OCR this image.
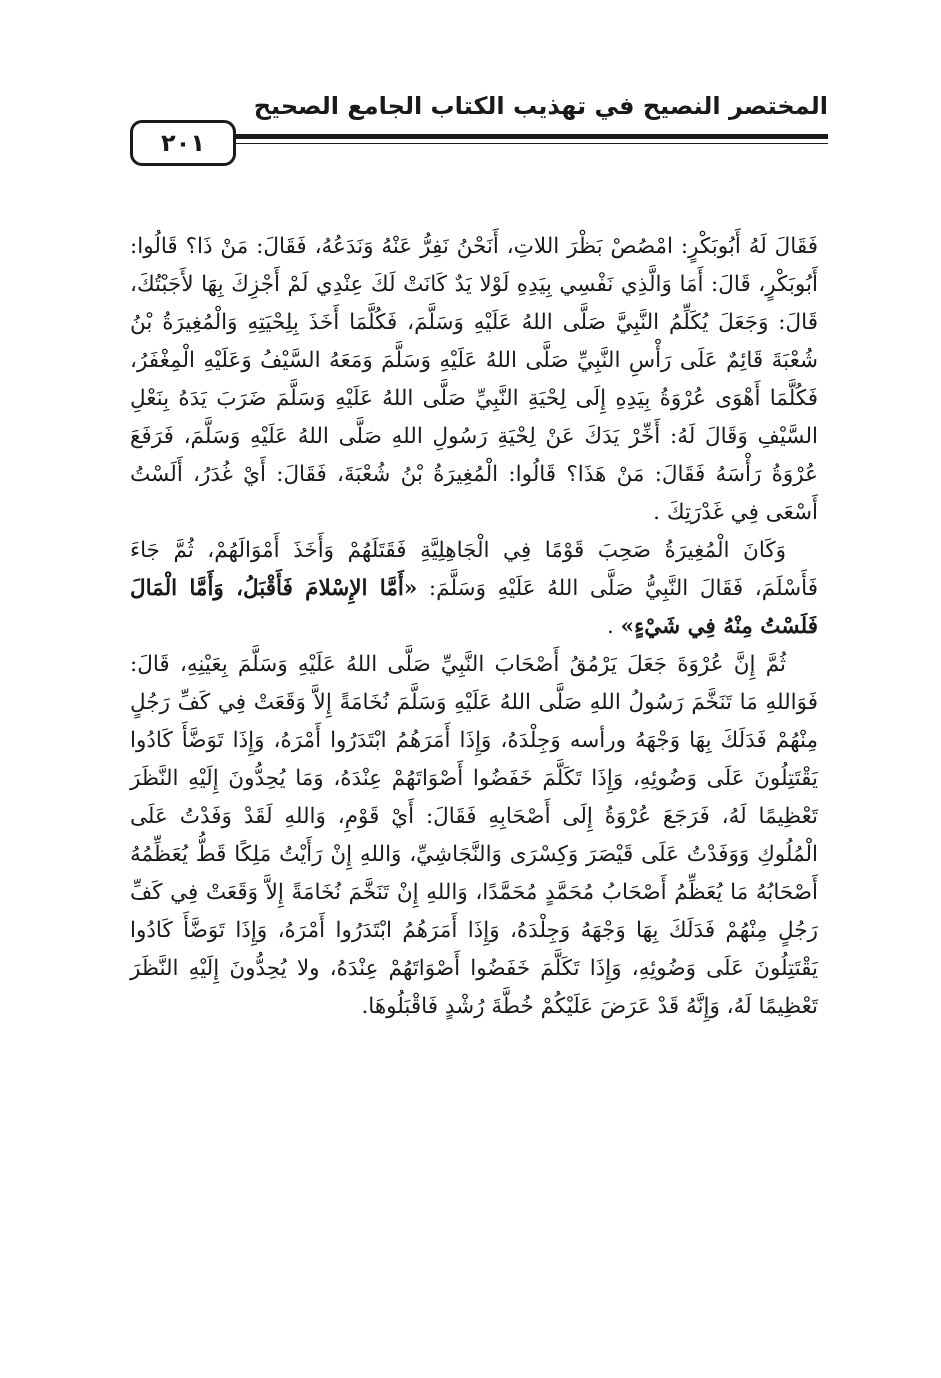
المختصر النصيح في تهذيب الكتاب الجامع الصحيح
٢٠١

فَقَالَ لَهُ أَبُوبَكْرٍ: امْصُصْ بَظْرَ اللاتِ، أَنَحْنُ نَفِرُّ عَنْهُ وَنَدَعُهُ، فَقَالَ: مَنْ ذَا؟ قَالُوا: أَبُوبَكْرٍ، قَالَ: أَمَا وَالَّذِي نَفْسِي بِيَدِهِ لَوْلا يَدٌ كَانَتْ لَكَ عِنْدِي لَمْ أَجْزِكَ بِهَا لأَجَبْتُكَ، قَالَ: وَجَعَلَ يُكَلِّمُ النَّبِيَّ صَلَّى اللهُ عَلَيْهِ وَسَلَّمَ، فَكُلَّمَا أَخَذَ بِلِحْيَتِهِ وَالْمُغِيرَةُ بْنُ شُعْبَةَ قَائِمٌ عَلَى رَأْسِ النَّبِيِّ صَلَّى اللهُ عَلَيْهِ وَسَلَّمَ وَمَعَهُ السَّيْفُ وَعَلَيْهِ الْمِغْفَرُ، فَكُلَّمَا أَهْوَى عُرْوَةُ بِيَدِهِ إِلَى لِحْيَةِ النَّبِيِّ صَلَّى اللهُ عَلَيْهِ وَسَلَّمَ ضَرَبَ يَدَهُ بِنَعْلِ السَّيْفِ وَقَالَ لَهُ: أَخِّرْ يَدَكَ عَنْ لِحْيَةِ رَسُولِ اللهِ صَلَّى اللهُ عَلَيْهِ وَسَلَّمَ، فَرَفَعَ عُرْوَةُ رَأْسَهُ فَقَالَ: مَنْ هَذَا؟ قَالُوا: الْمُغِيرَةُ بْنُ شُعْبَةَ، فَقَالَ: أَيْ غُدَرُ، أَلَسْتُ أَسْعَى فِي غَدْرَتِكَ .

وَكَانَ الْمُغِيرَةُ صَحِبَ قَوْمًا فِي الْجَاهِلِيَّةِ فَقَتَلَهُمْ وَأَخَذَ أَمْوَالَهُمْ، ثُمَّ جَاءَ فَأَسْلَمَ، فَقَالَ النَّبِيُّ صَلَّى اللهُ عَلَيْهِ وَسَلَّمَ: «أَمَّا الإِسْلامَ فَأَقْبَلُ، وَأَمَّا الْمَالَ فَلَسْتُ مِنْهُ فِي شَيْءٍ» .

ثُمَّ إِنَّ عُرْوَةَ جَعَلَ يَرْمُقُ أَصْحَابَ النَّبِيِّ صَلَّى اللهُ عَلَيْهِ وَسَلَّمَ بِعَيْنِهِ، قَالَ: فَوَاللهِ مَا تَنَخَّمَ رَسُولُ اللهِ صَلَّى اللهُ عَلَيْهِ وَسَلَّمَ نُخَامَةً إِلاَّ وَقَعَتْ فِي كَفِّ رَجُلٍ مِنْهُمْ فَدَلَكَ بِهَا وَجْهَهُ ورأسه وَجِلْدَهُ، وَإِذَا أَمَرَهُمُ ابْتَدَرُوا أَمْرَهُ، وَإِذَا تَوَضَّأَ كَادُوا يَقْتَتِلُونَ عَلَى وَضُوئِهِ، وَإِذَا تَكَلَّمَ خَفَضُوا أَصْوَاتَهُمْ عِنْدَهُ، وَمَا يُحِدُّونَ إِلَيْهِ النَّظَرَ تَعْظِيمًا لَهُ، فَرَجَعَ عُرْوَةُ إِلَى أَصْحَابِهِ فَقَالَ: أَيْ قَوْمِ، وَاللهِ لَقَدْ وَفَدْتُ عَلَى الْمُلُوكِ وَوَفَدْتُ عَلَى قَيْصَرَ وَكِسْرَى وَالنَّجَاشِيِّ، وَاللهِ إِنْ رَأَيْتُ مَلِكًا قَطُّ يُعَظِّمُهُ أَصْحَابُهُ مَا يُعَظِّمُ أَصْحَابُ مُحَمَّدٍ مُحَمَّدًا، وَاللهِ إِنْ تَنَخَّمَ نُخَامَةً إِلاَّ وَقَعَتْ فِي كَفِّ رَجُلٍ مِنْهُمْ فَدَلَكَ بِهَا وَجْهَهُ وَجِلْدَهُ، وَإِذَا أَمَرَهُمُ ابْتَدَرُوا أَمْرَهُ، وَإِذَا تَوَضَّأَ كَادُوا يَقْتَتِلُونَ عَلَى وَضُوئِهِ، وَإِذَا تَكَلَّمَ خَفَضُوا أَصْوَاتَهُمْ عِنْدَهُ، ولا يُحِدُّونَ إِلَيْهِ النَّظَرَ تَعْظِيمًا لَهُ، وَإِنَّهُ قَدْ عَرَضَ عَلَيْكُمْ خُطَّةَ رُشْدٍ فَاقْبَلُوهَا.
